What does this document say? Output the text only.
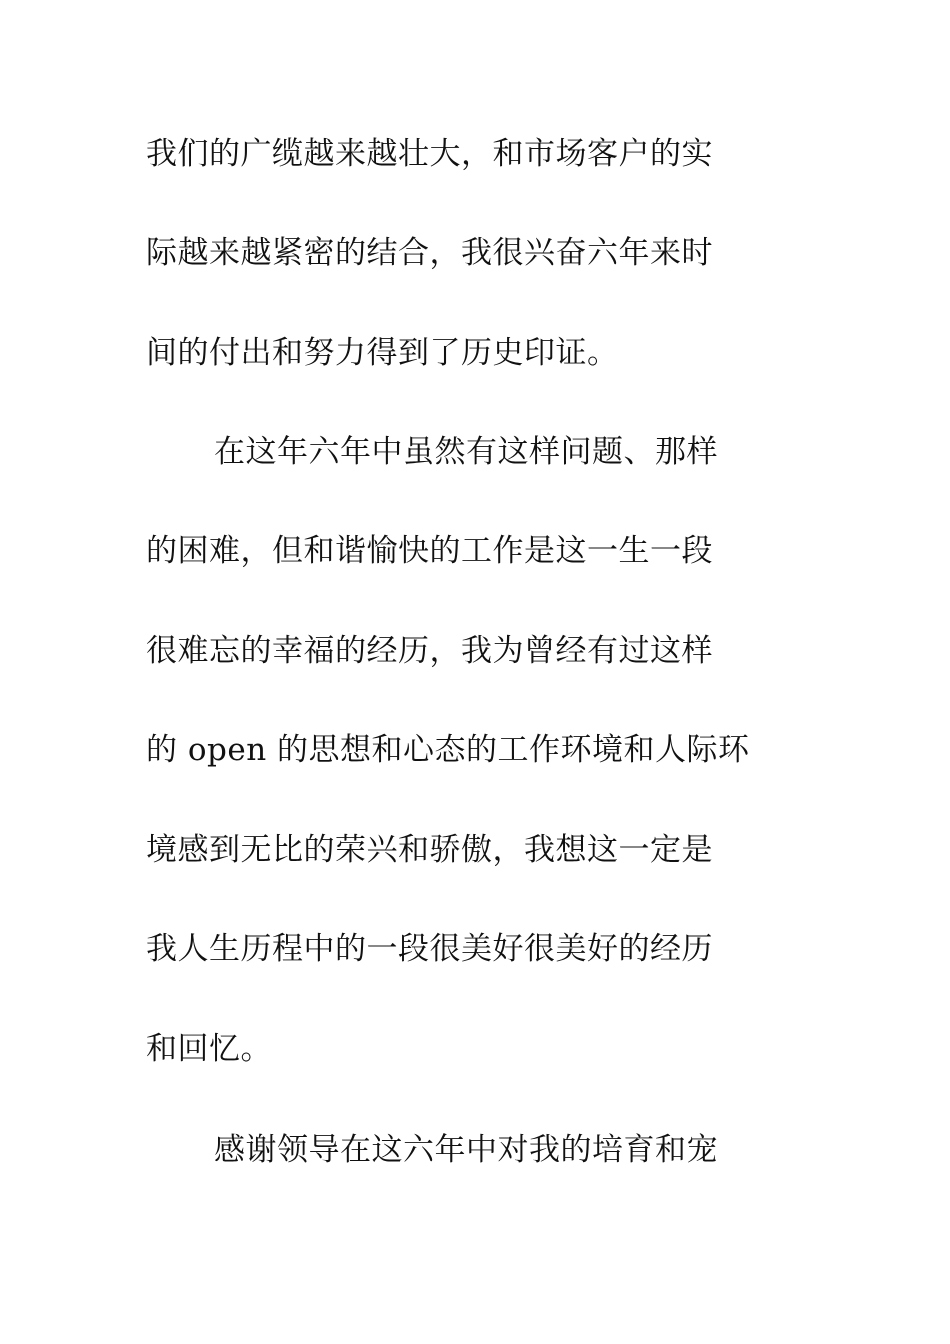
我们的广缆越来越壮大，和市场客户的实
际越来越紧密的结合，我很兴奋六年来时
间的付出和努力得到了历史印证。
在这年六年中虽然有这样问题、那样
的困难，但和谐愉快的工作是这一生一段
很难忘的幸福的经历，我为曾经有过这样
的 open 的思想和心态的工作环境和人际环
境感到无比的荣兴和骄傲，我想这一定是
我人生历程中的一段很美好很美好的经历
和回忆。
感谢领导在这六年中对我的培育和宠
